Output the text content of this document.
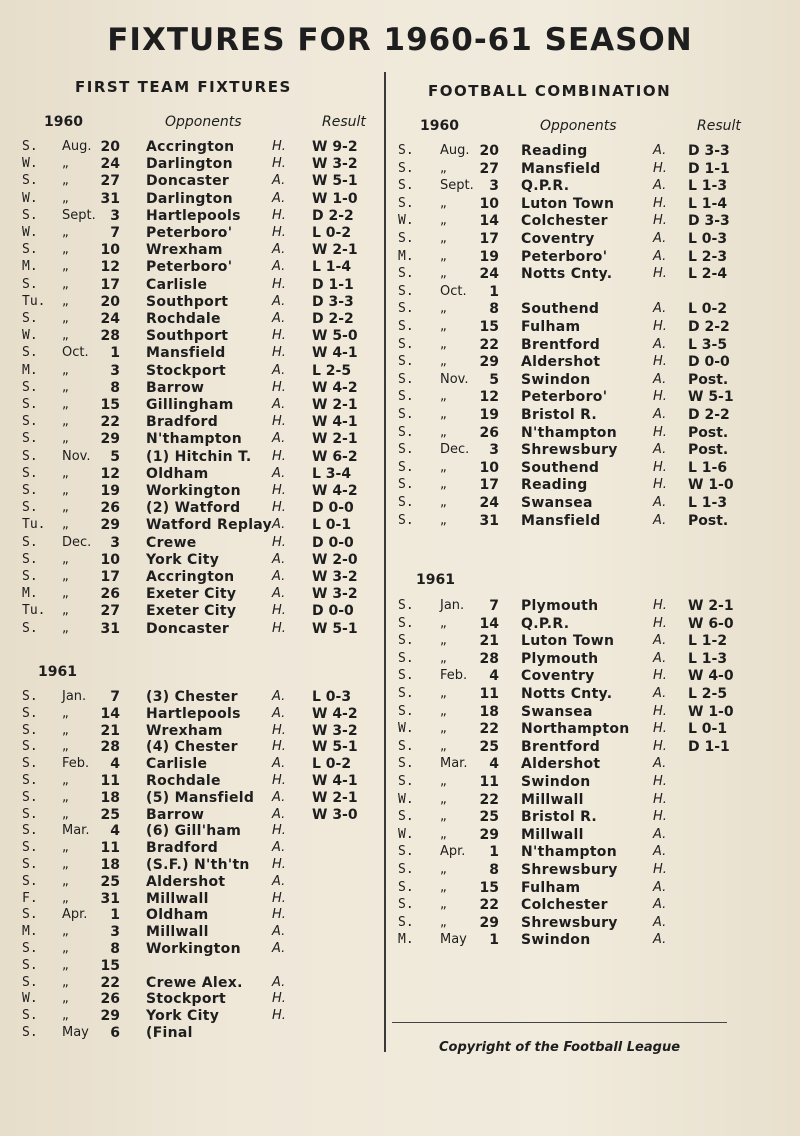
FIXTURES FOR 1960-61 SEASON
FIRST TEAM FIXTURES	FOOTBALL COMBINATION
1960	Opponents	Result	1960	Opponents	Result
1961
1961
S. Aug. 20 Accrington	H. W 9-2
W. „	24 Darlington	H. W 3-2
S. „	27 Doncaster	A. W 5-1
W. „	31 Darlington	A. W 1-0
S. Sept.	3 Hartlepools H. D 2-2
W. „	7 Peterboro'	H. L 0-2
S. „	10 Wrexham	A. W 2-1
M. „	12 Peterboro'	A. L 1-4
S. „	17 Carlisle	H. D 1-1
Tu. „	20 Southport	A. D 3-3
S. „	24 Rochdale	A. D 2-2
W. „	28 Southport	H. W 5-0
S. Oct.	1 Mansfield	H. W 4-1
M. „	3 Stockport	A. L 2-5
S. „	8 Barrow	H. W 4-2
S. „	15 Gillingham	A. W 2-1
S. „	22 Bradford	H. W 4-1
S. „	29 N'thampton A. W 2-1
S. Nov.	5 (1) Hitchin T. H. W 6-2
S. „	12 Oldham	A. L 3-4
S. „	19 Workington H. W 4-2
S. „	26 (2) Watford H. D 0-0
Tu. „	29 Watford Replay A. L 0-1
S. Dec.	3 Crewe	H. D 0-0
S. „	10 York City	A. W 2-0
S. „	17 Accrington	A. W 3-2
M. „	26 Exeter City	A. W 3-2
Tu. „	27 Exeter City	H. D 0-0
S. „	31 Doncaster	H. W 5-1
S. Jan.	7 (3) Chester	A. L 0-3
S. „	14 Hartlepools A. W 4-2
S. „	21 Wrexham	H. W 3-2
S. „	28 (4) Chester	H. W 5-1
S. Feb.	4 Carlisle	A. L 0-2
S. „	11 Rochdale	H. W 4-1
S. „	18 (5) Mansfield A. W 2-1
S. „	25 Barrow	A. W 3-0
S. Mar.	4 (6) Gill'ham H.
S. „	11 Bradford	A.
S. „	18 (S.F.) N'th'tn H.
S. „	25 Aldershot	A.
F. „	31 Millwall	H.
S. Apr.	1 Oldham	H.
M. „	3 Millwall	A.
S. „	8 Workington A.
S. „	15
S. „	22 Crewe Alex. A.
W. „	26 Stockport	H.
S. „	29 York City	H.
S. May	6 (Final
S. Aug. 20 Reading	A. D 3-3
S. „	27 Mansfield	H. D 1-1
S. Sept.	3 Q.P.R.	A. L 1-3
S. „	10 Luton Town	H. L 1-4
W. „	14 Colchester	H. D 3-3
S. „	17 Coventry	A. L 0-3
M. „	19 Peterboro'	A. L 2-3
S. „	24 Notts Cnty.	H. L 2-4
S. Oct.	1
S. „	8 Southend	A. L 0-2
S. „	15 Fulham	H. D 2-2
S. „	22 Brentford	A. L 3-5
S. „	29 Aldershot	H. D 0-0
S. Nov.	5 Swindon	A. Post.
S. „	12 Peterboro'	H. W 5-1
S. „	19 Bristol R.	A. D 2-2
S. „	26 N'thampton	H. Post.
S. Dec.	3 Shrewsbury	A. Post.
S. „	10 Southend	H. L 1-6
S. „	17 Reading	H. W 1-0
S. „	24 Swansea	A. L 1-3
S. „	31 Mansfield	A. Post.
S. Jan.	7 Plymouth	H. W 2-1
S. „	14 Q.P.R.	H. W 6-0
S. „	21 Luton Town	A. L 1-2
S. „	28 Plymouth	A. L 1-3
S. Feb.	4 Coventry	H. W 4-0
S. „	11 Notts Cnty.	A. L 2-5
S. „	18 Swansea	H. W 1-0
W. „	22 Northampton H. L 0-1
S. „	25 Brentford	H. D 1-1
S. Mar.	4 Aldershot	A.
S. „	11 Swindon	H.
W. „	22 Millwall	H.
S. „	25 Bristol R.	H.
W. „	29 Millwall	A.
S. Apr.	1 N'thampton	A.
S. „	8 Shrewsbury	H.
S. „	15 Fulham	A.
S. „	22 Colchester	A.
S. „	29 Shrewsbury	A.
M. May	1 Swindon	A.
Copyright of the Football League
